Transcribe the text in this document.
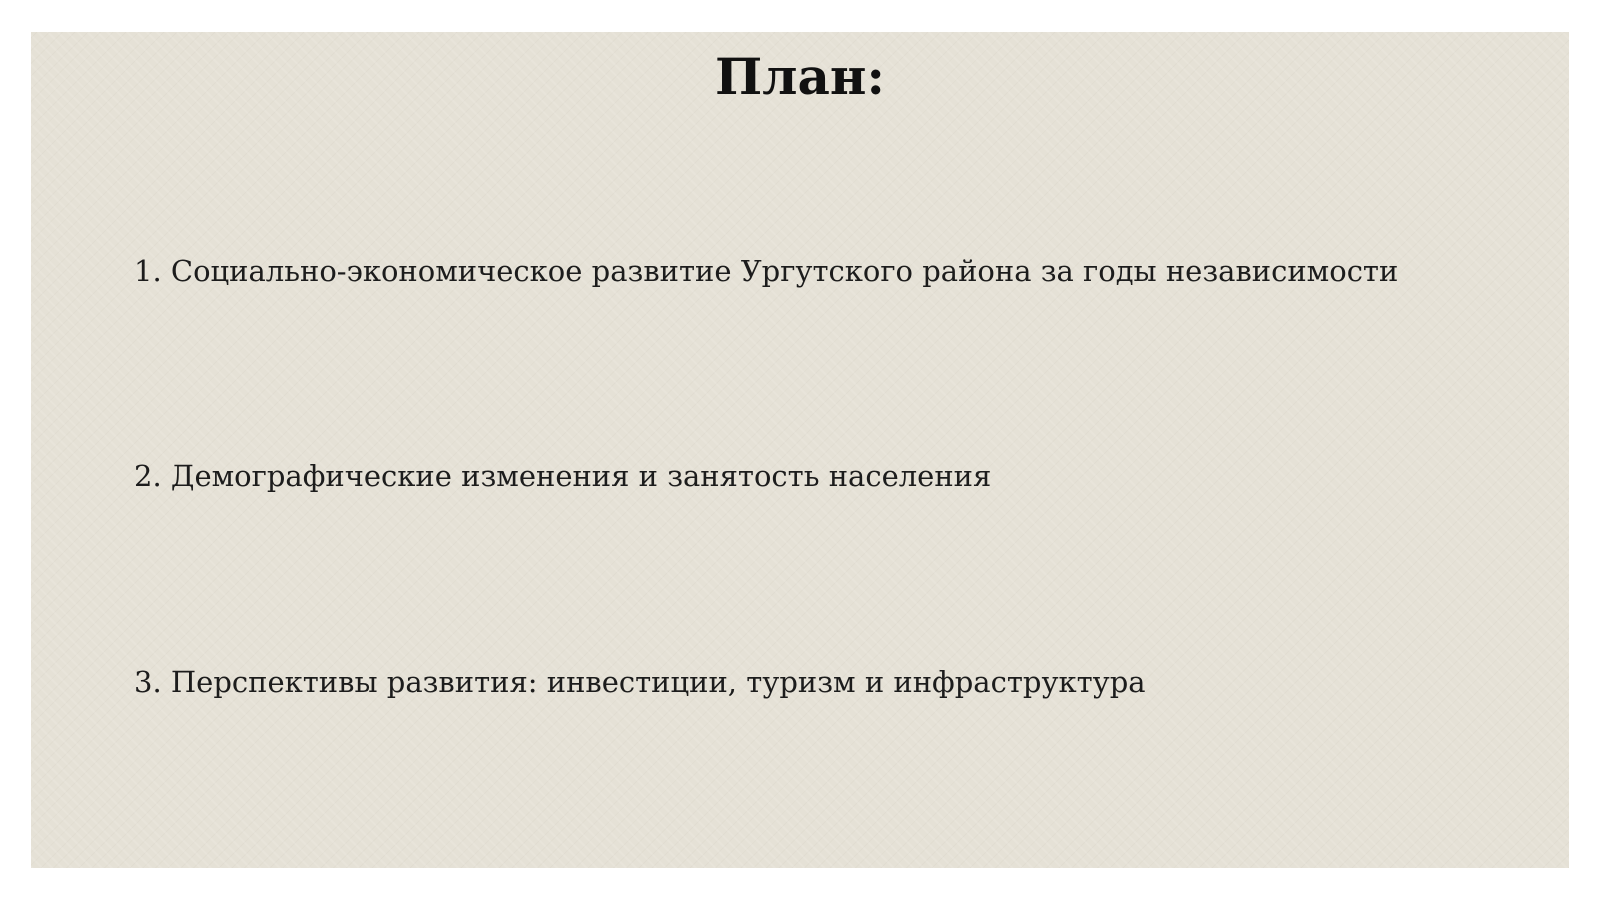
План:

1. Социально-экономическое развитие Ургутского района за годы независимости

2. Демографические изменения и занятость населения

3. Перспективы развития: инвестиции, туризм и инфраструктура
